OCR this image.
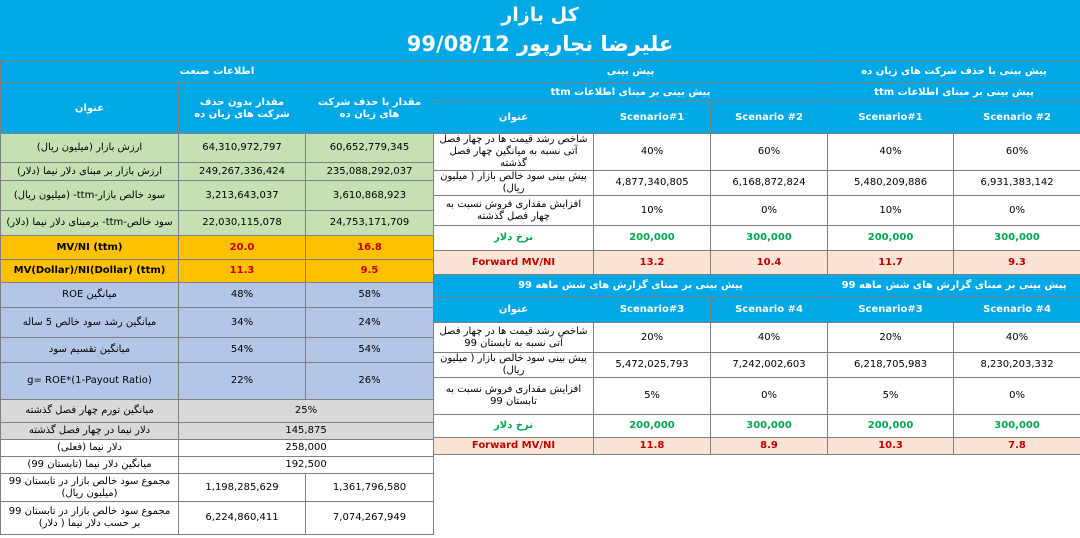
کل بازار
علیرضا نجارپور 99/08/12
اطلاعات صنعت		
عنوان	مقدار بدون حذف شرکت های زیان ده	مقدار با حذف شرکت های زیان ده
ارزش بازار (میلیون ریال)	64,310,972,797	60,652,779,345
ارزش بازار بر مبنای دلار نیما (دلار)	249,267,336,424	235,088,292,037
سود خالص بازار-ttm- (میلیون ریال)	3,213,643,037	3,610,868,923
سود خالص-ttm- برمبنای دلار نیما (دلار)	22,030,115,078	24,753,171,709
MV/NI (ttm)	20.0	16.8
MV(Dollar)/NI(Dollar) (ttm)	11.3	9.5
میانگین ROE	48%	58%
میانگین رشد سود خالص 5 ساله	34%	24%
میانگین تقسیم سود	54%	54%
g= ROE*(1-Payout Ratio)	22%	26%
میانگین تورم چهار فصل گذشته	25%	
دلار نیما در چهار فصل گذشته	145,875	
دلار نیما (فعلی)	258,000	
میانگین دلار نیما (تابستان 99)	192,500	
مجموع سود خالص بازار در تابستان 99 (میلیون ریال)	1,198,285,629	1,361,796,580
مجموع سود خالص بازار در تابستان 99 بر حسب دلار نیما ( دلار)	6,224,860,411	7,074,267,949
پیش بینی			پیش بینی با حذف شرکت های زیان ده	
پیش بینی بر مبنای اطلاعات ttm			پیش بینی بر مبنای اطلاعات ttm	
عنوان	Scenario#1	Scenario #2	Scenario#1	Scenario #2
شاخص رشد قیمت ها در چهار فصل آتی نسبه به میانگین چهار فصل گذشته	40%	60%	40%	60%
پیش بینی سود خالص بازار ( میلیون ریال)	4,877,340,805	6,168,872,824	5,480,209,886	6,931,383,142
افزایش مقداری فروش نسبت به چهار فصل گذشته	10%	0%	10%	0%
نرخ دلار	200,000	300,000	200,000	300,000
Forward MV/NI	13.2	10.4	11.7	9.3
پیش بینی بر مبنای گزارش های شش ماهه 99			پیش بینی بر مبنای گزارش های شش ماهه 99	
عنوان	Scenario#3	Scenario #4	Scenario#3	Scenario #4
شاخص رشد قیمت ها در چهار فصل آتی نسبه به تابستان 99	20%	40%	20%	40%
پیش بینی سود خالص بازار ( میلیون ریال)	5,472,025,793	7,242,002,603	6,218,705,983	8,230,203,332
افزایش مقداری فروش نسبت به تابستان 99	5%	0%	5%	0%
نرخ دلار	200,000	300,000	200,000	300,000
Forward MV/NI	11.8	8.9	10.3	7.8
